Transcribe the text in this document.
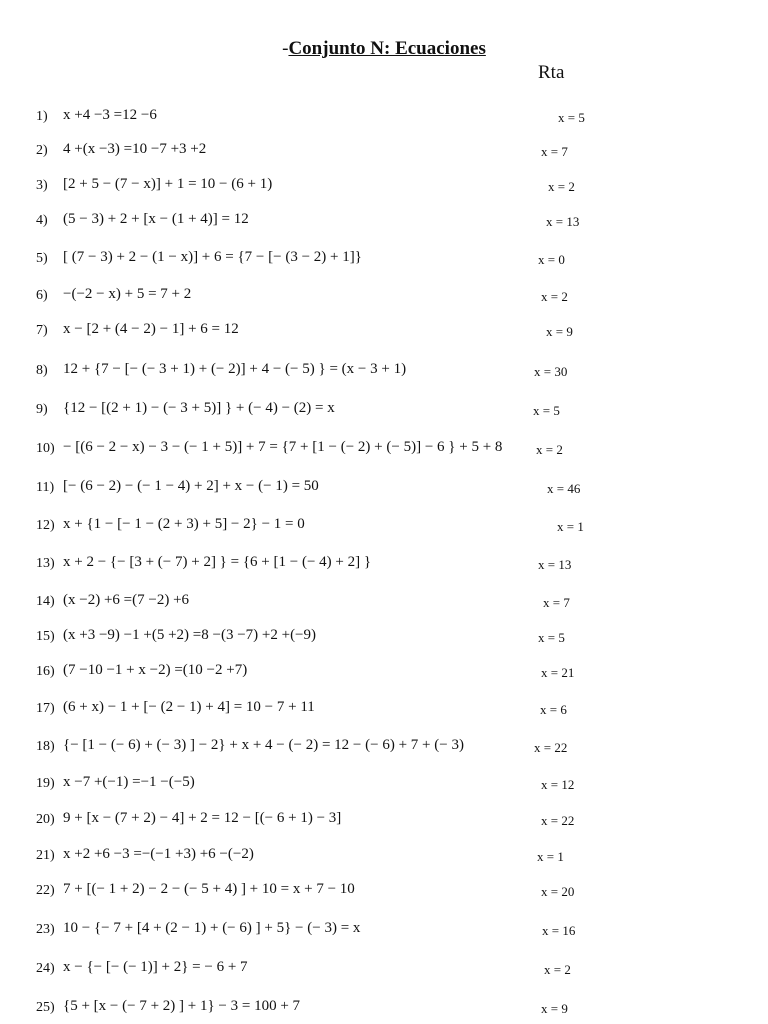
-Conjunto N: Ecuaciones
Rta
1) x +4 −3 =12 −6	x = 5
2) 4 +(x −3) =10 −7 +3 +2	x = 7
3) [2 + 5 − (7 − x)] + 1 = 10 − (6 + 1)	x = 2
4) (5 − 3) + 2 + [x − (1 + 4)] = 12	x = 13
5) [ (7 − 3) + 2 − (1 − x)] + 6 = {7 − [− (3 − 2) + 1]}	x = 0
6) −(−2 − x) + 5 = 7 + 2	x = 2
7) x − [2 + (4 − 2) − 1] + 6 = 12	x = 9
8) 12 + {7 − [− (− 3 + 1) + (− 2)] + 4 − (− 5) } = (x − 3 + 1)	x = 30
9) {12 − [(2 + 1) − (− 3 + 5)] } + (− 4) − (2) = x	x = 5
10) − [(6 − 2 − x) − 3 − (− 1 + 5)] + 7 = {7 + [1 − (− 2) + (− 5)] − 6 } + 5 + 8	x = 2
11) [− (6 − 2) − (− 1 − 4) + 2] + x − (− 1) = 50	x = 46
12) x + {1 − [− 1 − (2 + 3) + 5] − 2} − 1 = 0	x = 1
13) x + 2 − {− [3 + (− 7) + 2] } = {6 + [1 − (− 4) + 2] }	x = 13
14) (x −2) +6 =(7 −2) +6	x = 7
15) (x +3 −9) −1 +(5 +2) =8 −(3 −7) +2 +(−9)	x = 5
16) (7 −10 −1 + x −2) =(10 −2 +7)	x = 21
17) (6 + x) − 1 + [− (2 − 1) + 4] = 10 − 7 + 11	x = 6
18) {− [1 − (− 6) + (− 3) ] − 2} + x + 4 − (− 2) = 12 − (− 6) + 7 + (− 3)	x = 22
19) x −7 +(−1) =−1 −(−5)	x = 12
20) 9 + [x − (7 + 2) − 4] + 2 = 12 − [(− 6 + 1) − 3]	x = 22
21) x +2 +6 −3 =−(−1 +3) +6 −(−2)	x = 1
22) 7 + [(− 1 + 2) − 2 − (− 5 + 4) ] + 10 = x + 7 − 10	x = 20
23) 10 − {− 7 + [4 + (2 − 1) + (− 6) ] + 5} − (− 3) = x	x = 16
24) x − {− [− (− 1)] + 2} = − 6 + 7	x = 2
25) {5 + [x − (− 7 + 2) ] + 1} − 3 = 100 + 7	x = 9
